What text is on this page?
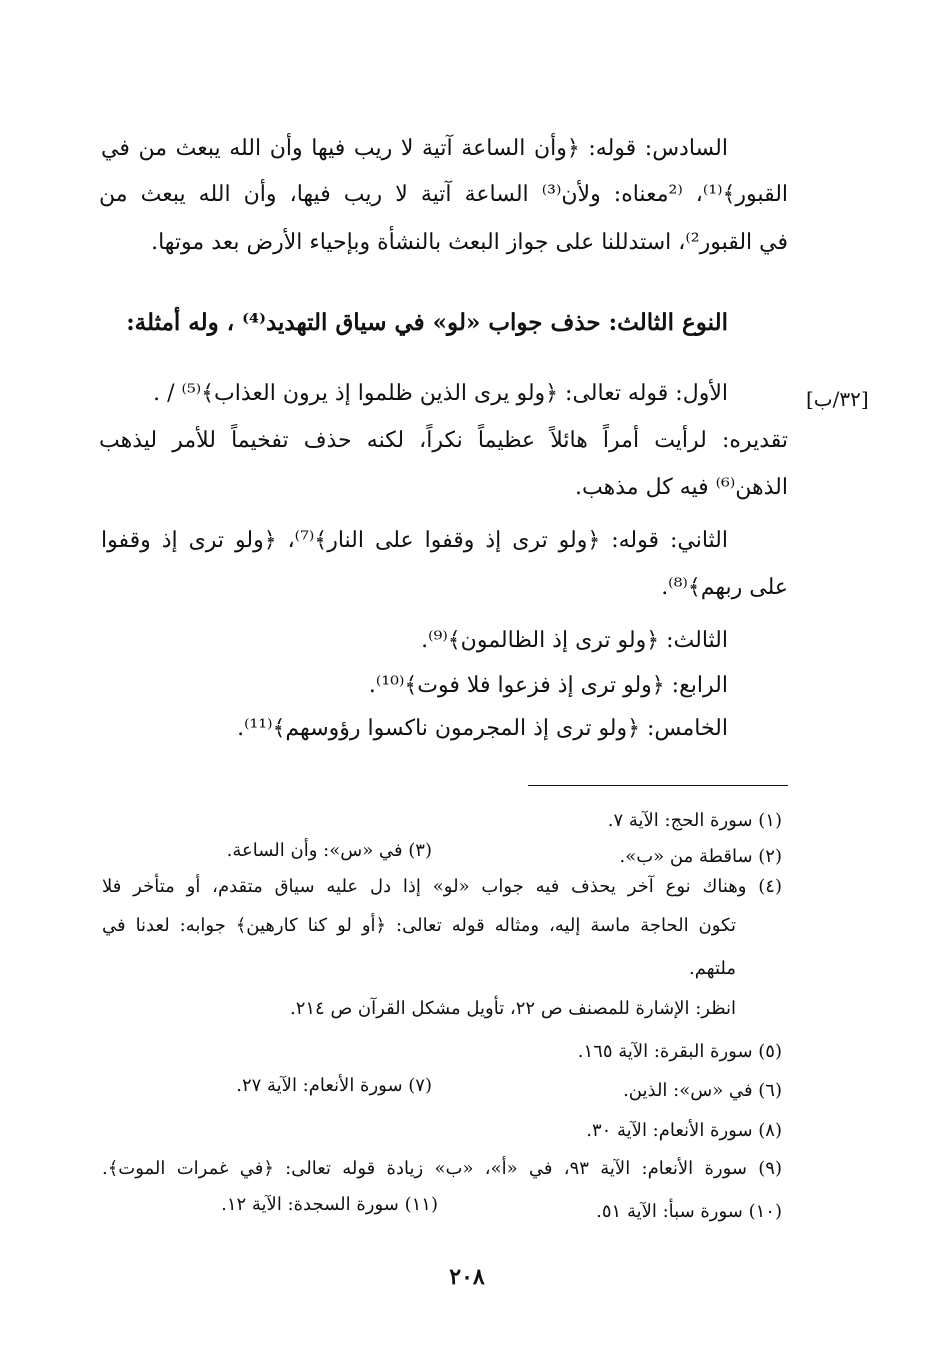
[٣٢/ب]
السادس: قوله: ﴿وأن الساعة آتية لا ريب فيها وأن الله يبعث من في
القبور﴾⁽¹⁾، ⁽²معناه: ولأن⁽³⁾ الساعة آتية لا ريب فيها، وأن الله يبعث من
في القبور²⁾، استدللنا على جواز البعث بالنشأة وبإحياء الأرض بعد موتها.
النوع الثالث: حذف جواب «لو» في سياق التهديد⁽⁴⁾ ، وله أمثلة:
الأول: قوله تعالى: ﴿ولو يرى الذين ظلموا إذ يرون العذاب﴾⁽⁵⁾ / .
تقديره: لرأيت أمراً هائلاً عظيماً نكراً، لكنه حذف تفخيماً للأمر ليذهب
الذهن⁽⁶⁾ فيه كل مذهب.
الثاني: قوله: ﴿ولو ترى إذ وقفوا على النار﴾⁽⁷⁾، ﴿ولو ترى إذ وقفوا
على ربهم﴾⁽⁸⁾.
الثالث: ﴿ولو ترى إذ الظالمون﴾⁽⁹⁾.
الرابع: ﴿ولو ترى إذ فزعوا فلا فوت﴾⁽¹⁰⁾.
الخامس: ﴿ولو ترى إذ المجرمون ناكسوا رؤوسهم﴾⁽¹¹⁾.
(١) سورة الحج: الآية ٧.
(٢) ساقطة من «ب».
(٣) في «س»: وأن الساعة.
(٤) وهناك نوع آخر يحذف فيه جواب «لو» إذا دل عليه سياق متقدم، أو متأخر فلا
تكون الحاجة ماسة إليه، ومثاله قوله تعالى: ﴿أو لو كنا كارهين﴾ جوابه: لعدنا في
ملتهم.
انظر: الإشارة للمصنف ص ٢٢، تأويل مشكل القرآن ص ٢١٤.
(٥) سورة البقرة: الآية ١٦٥.
(٦) في «س»: الذين.
(٧) سورة الأنعام: الآية ٢٧.
(٨) سورة الأنعام: الآية ٣٠.
(٩) سورة الأنعام: الآية ٩٣، في «أ»، «ب» زيادة قوله تعالى: ﴿في غمرات الموت﴾.
(١٠) سورة سبأ: الآية ٥١.
(١١) سورة السجدة: الآية ١٢.
٢٠٨
